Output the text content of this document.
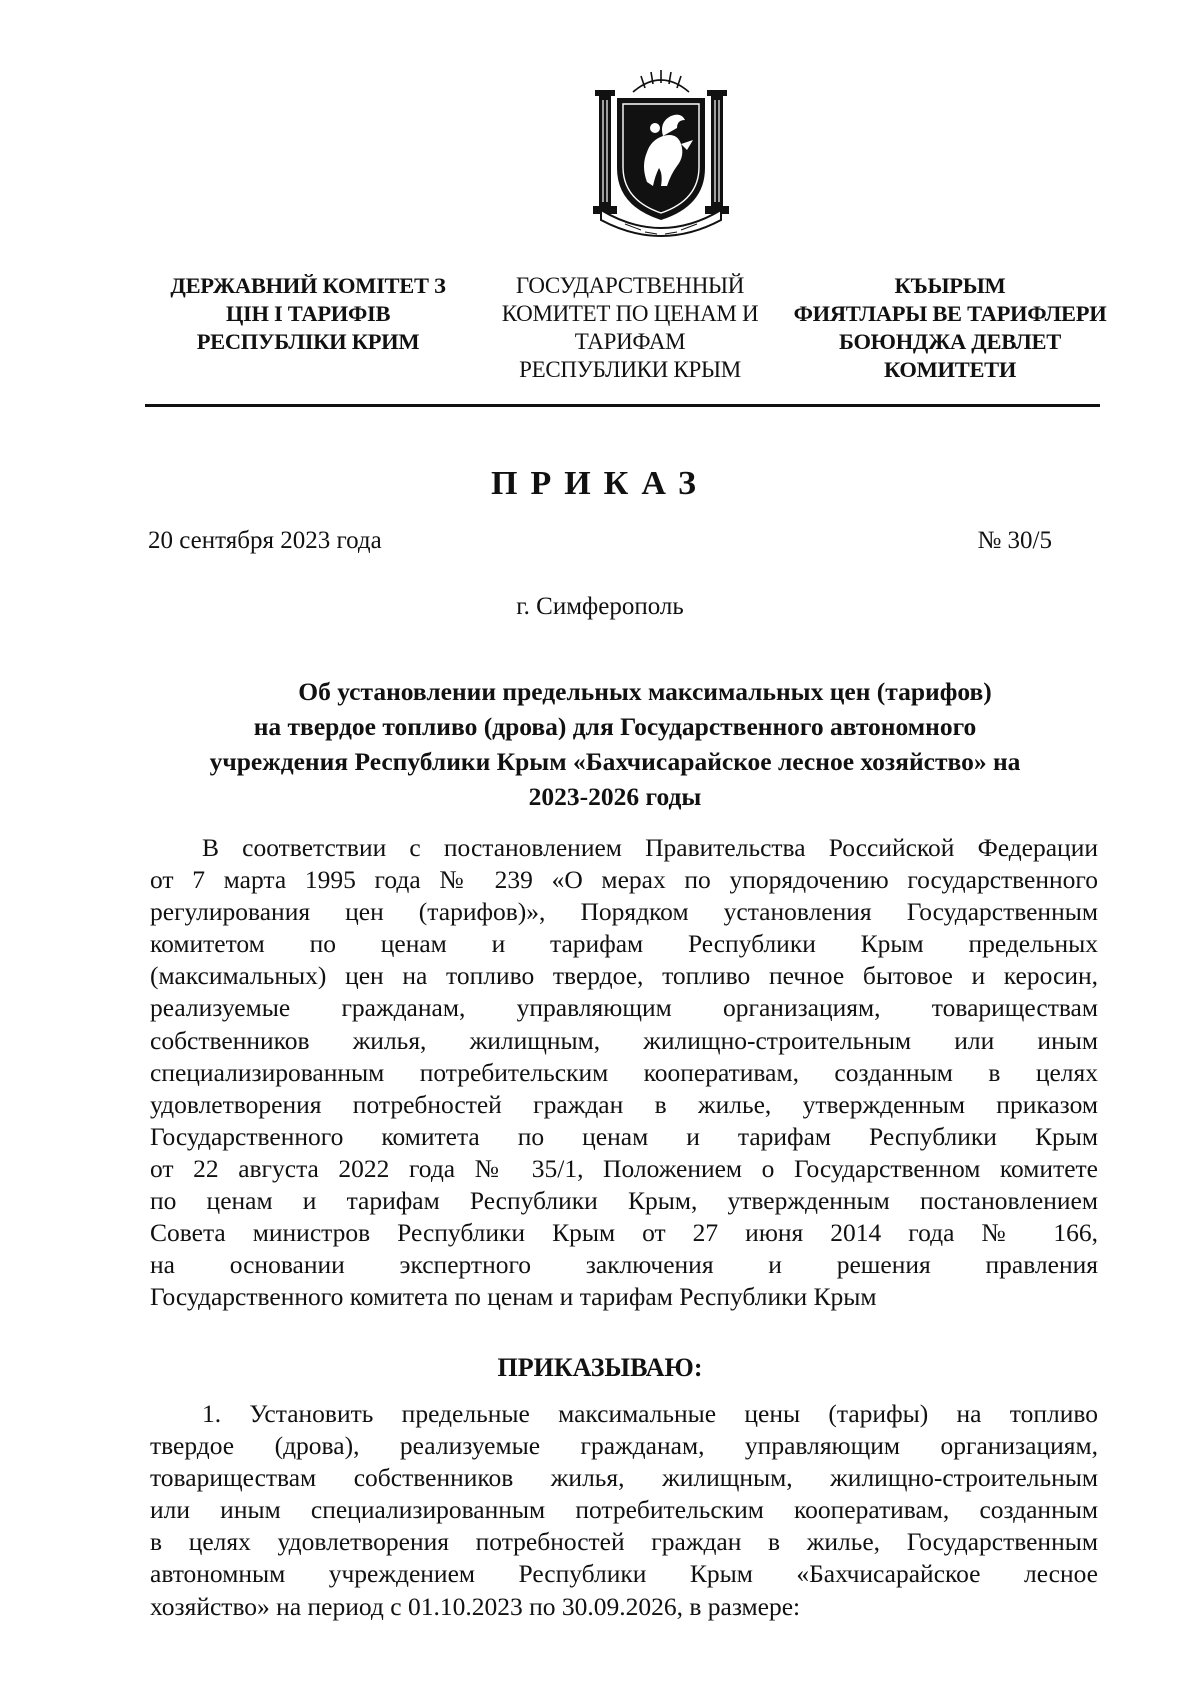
ДЕРЖАВНИЙ КОМІТЕТ З
ЦІН І ТАРИФІВ
РЕСПУБЛІКИ КРИМ
ГОСУДАРСТВЕННЫЙ
КОМИТЕТ ПО ЦЕНАМ И
ТАРИФАМ
РЕСПУБЛИКИ КРЫМ
КЪЫРЫМ
ФИЯТЛАРЫ ВЕ ТАРИФЛЕРИ
БОЮНДЖА ДЕВЛЕТ
КОМИТЕТИ
ПРИКАЗ
20 сентября 2023 года	№ 30/5
г. Симферополь
Об установлении предельных максимальных цен (тарифов)
на твердое топливо (дрова) для Государственного автономного
учреждения Республики Крым «Бахчисарайское лесное хозяйство» на
2023-2026 годы
В соответствии с постановлением Правительства Российской Федерации
от 7 марта 1995 года № 239 «О мерах по упорядочению государственного
регулирования цен (тарифов)», Порядком установления Государственным
комитетом по ценам и тарифам Республики Крым предельных
(максимальных) цен на топливо твердое, топливо печное бытовое и керосин,
реализуемые гражданам, управляющим организациям, товариществам
собственников жилья, жилищным, жилищно-строительным или иным
специализированным потребительским кооперативам, созданным в целях
удовлетворения потребностей граждан в жилье, утвержденным приказом
Государственного комитета по ценам и тарифам Республики Крым
от 22 августа 2022 года № 35/1, Положением о Государственном комитете
по ценам и тарифам Республики Крым, утвержденным постановлением
Совета министров Республики Крым от 27 июня 2014 года № 166,
на основании экспертного заключения и решения правления
Государственного комитета по ценам и тарифам Республики Крым
ПРИКАЗЫВАЮ:
1. Установить предельные максимальные цены (тарифы) на топливо
твердое (дрова), реализуемые гражданам, управляющим организациям,
товариществам собственников жилья, жилищным, жилищно-строительным
или иным специализированным потребительским кооперативам, созданным
в целях удовлетворения потребностей граждан в жилье, Государственным
автономным учреждением Республики Крым «Бахчисарайское лесное
хозяйство» на период с 01.10.2023 по 30.09.2026, в размере:
